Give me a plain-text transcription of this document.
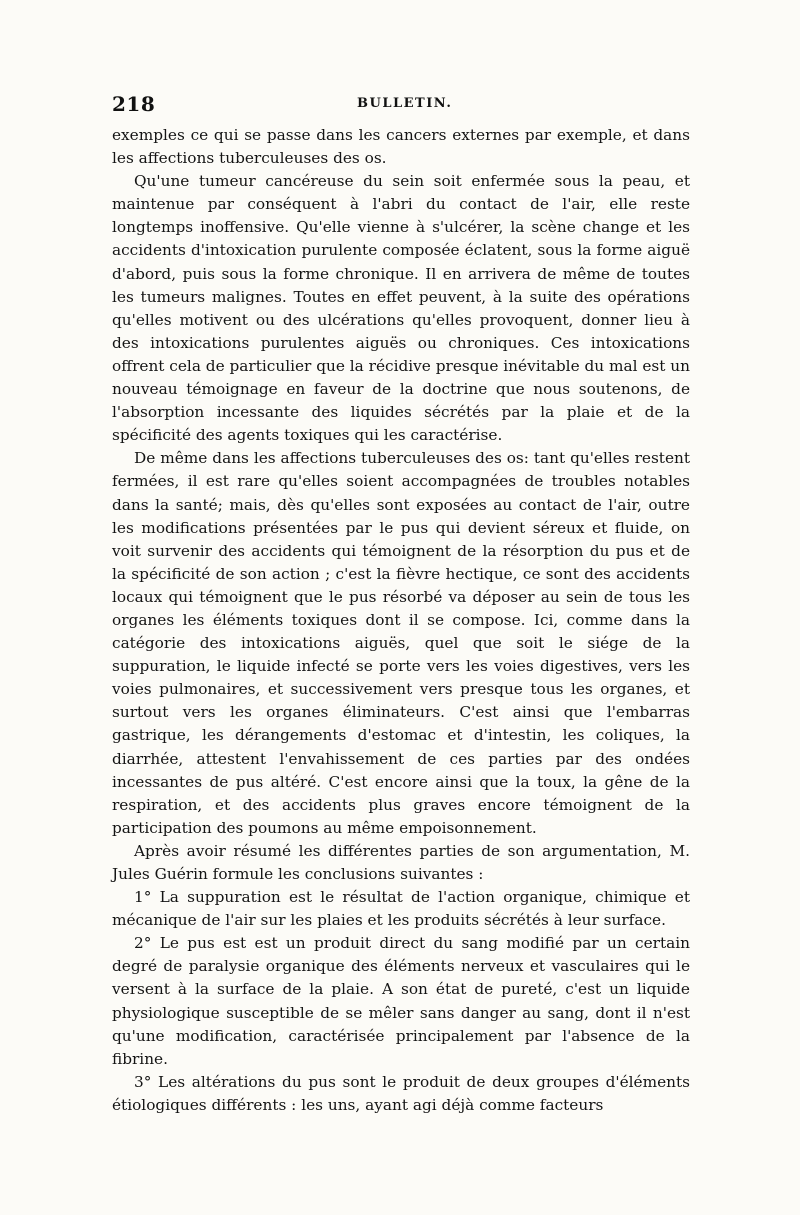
218	BULLETIN.

exemples ce qui se passe dans les cancers externes par exemple, et dans les affections tuberculeuses des os.

Qu'une tumeur cancéreuse du sein soit enfermée sous la peau, et maintenue par conséquent à l'abri du contact de l'air, elle reste longtemps inoffensive. Qu'elle vienne à s'ulcérer, la scène change et les accidents d'intoxication purulente composée éclatent, sous la forme aiguë d'abord, puis sous la forme chronique. Il en arrivera de même de toutes les tumeurs malignes. Toutes en effet peuvent, à la suite des opérations qu'elles motivent ou des ulcérations qu'elles provoquent, donner lieu à des intoxications purulentes aiguës ou chroniques. Ces intoxications offrent cela de particulier que la récidive presque inévitable du mal est un nouveau témoignage en faveur de la doctrine que nous soutenons, de l'absorption incessante des liquides sécrétés par la plaie et de la spécificité des agents toxiques qui les caractérise.

De même dans les affections tuberculeuses des os: tant qu'elles restent fermées, il est rare qu'elles soient accompagnées de troubles notables dans la santé; mais, dès qu'elles sont exposées au contact de l'air, outre les modifications présentées par le pus qui devient séreux et fluide, on voit survenir des accidents qui témoignent de la résorption du pus et de la spécificité de son action ; c'est la fièvre hectique, ce sont des accidents locaux qui témoignent que le pus résorbé va déposer au sein de tous les organes les éléments toxiques dont il se compose. Ici, comme dans la catégorie des intoxications aiguës, quel que soit le siége de la suppuration, le liquide infecté se porte vers les voies digestives, vers les voies pulmonaires, et successivement vers presque tous les organes, et surtout vers les organes éliminateurs. C'est ainsi que l'embarras gastrique, les dérangements d'estomac et d'intestin, les coliques, la diarrhée, attestent l'envahissement de ces parties par des ondées incessantes de pus altéré. C'est encore ainsi que la toux, la gêne de la respiration, et des accidents plus graves encore témoignent de la participation des poumons au même empoisonnement.

Après avoir résumé les différentes parties de son argumentation, M. Jules Guérin formule les conclusions suivantes :

1° La suppuration est le résultat de l'action organique, chimique et mécanique de l'air sur les plaies et les produits sécrétés à leur surface.

2° Le pus est est un produit direct du sang modifié par un certain degré de paralysie organique des éléments nerveux et vasculaires qui le versent à la surface de la plaie. A son état de pureté, c'est un liquide physiologique susceptible de se mêler sans danger au sang, dont il n'est qu'une modification, caractérisée principalement par l'absence de la fibrine.

3° Les altérations du pus sont le produit de deux groupes d'éléments étiologiques différents : les uns, ayant agi déjà comme facteurs
